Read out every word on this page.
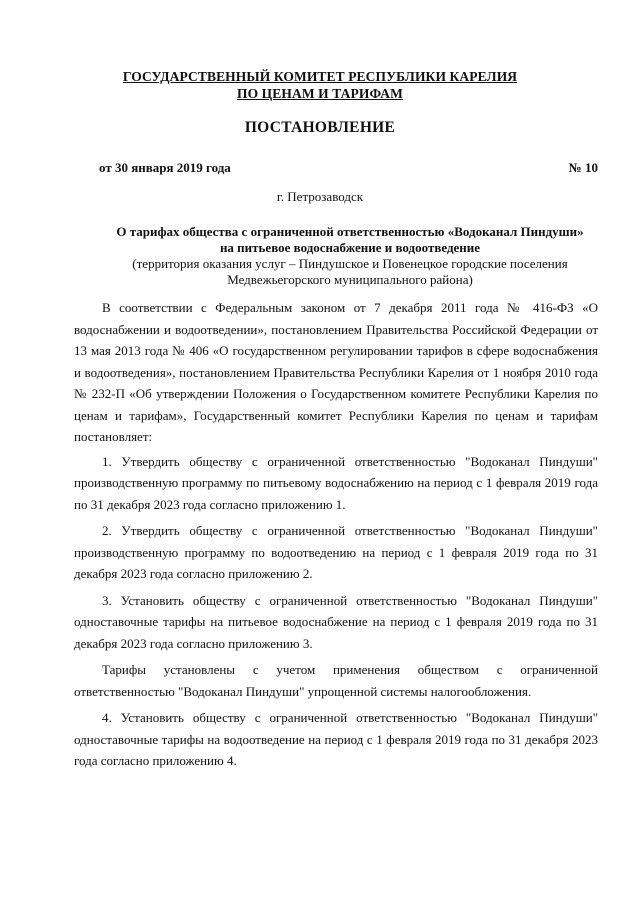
ГОСУДАРСТВЕННЫЙ КОМИТЕТ РЕСПУБЛИКИ КАРЕЛИЯ
ПО ЦЕНАМ И ТАРИФАМ
ПОСТАНОВЛЕНИЕ
от 30 января 2019 года	№ 10
г. Петрозаводск
О тарифах общества с ограниченной ответственностью «Водоканал Пиндуши»
на питьевое водоснабжение и водоотведение
(территория оказания услуг – Пиндушское и Повенецкое городские поселения
Медвежьегорского муниципального района)

В соответствии с Федеральным законом от 7 декабря 2011 года № 416-ФЗ «О водоснабжении и водоотведении», постановлением Правительства Российской Федерации от 13 мая 2013 года № 406 «О государственном регулировании тарифов в сфере водоснабжения и водоотведения», постановлением Правительства Республики Карелия от 1 ноября 2010 года № 232-П «Об утверждении Положения о Государственном комитете Республики Карелия по ценам и тарифам», Государственный комитет Республики Карелия по ценам и тарифам постановляет:

1. Утвердить обществу с ограниченной ответственностью "Водоканал Пиндуши" производственную программу по питьевому водоснабжению на период с 1 февраля 2019 года по 31 декабря 2023 года согласно приложению 1.

2. Утвердить обществу с ограниченной ответственностью "Водоканал Пиндуши" производственную программу по водоотведению на период с 1 февраля 2019 года по 31 декабря 2023 года согласно приложению 2.

3. Установить обществу с ограниченной ответственностью "Водоканал Пиндуши" одноставочные тарифы на питьевое водоснабжение на период с 1 февраля 2019 года по 31 декабря 2023 года согласно приложению 3.

Тарифы установлены с учетом применения обществом с ограниченной ответственностью "Водоканал Пиндуши" упрощенной системы налогообложения.

4. Установить обществу с ограниченной ответственностью "Водоканал Пиндуши" одноставочные тарифы на водоотведение на период с 1 февраля 2019 года по 31 декабря 2023 года согласно приложению 4.
